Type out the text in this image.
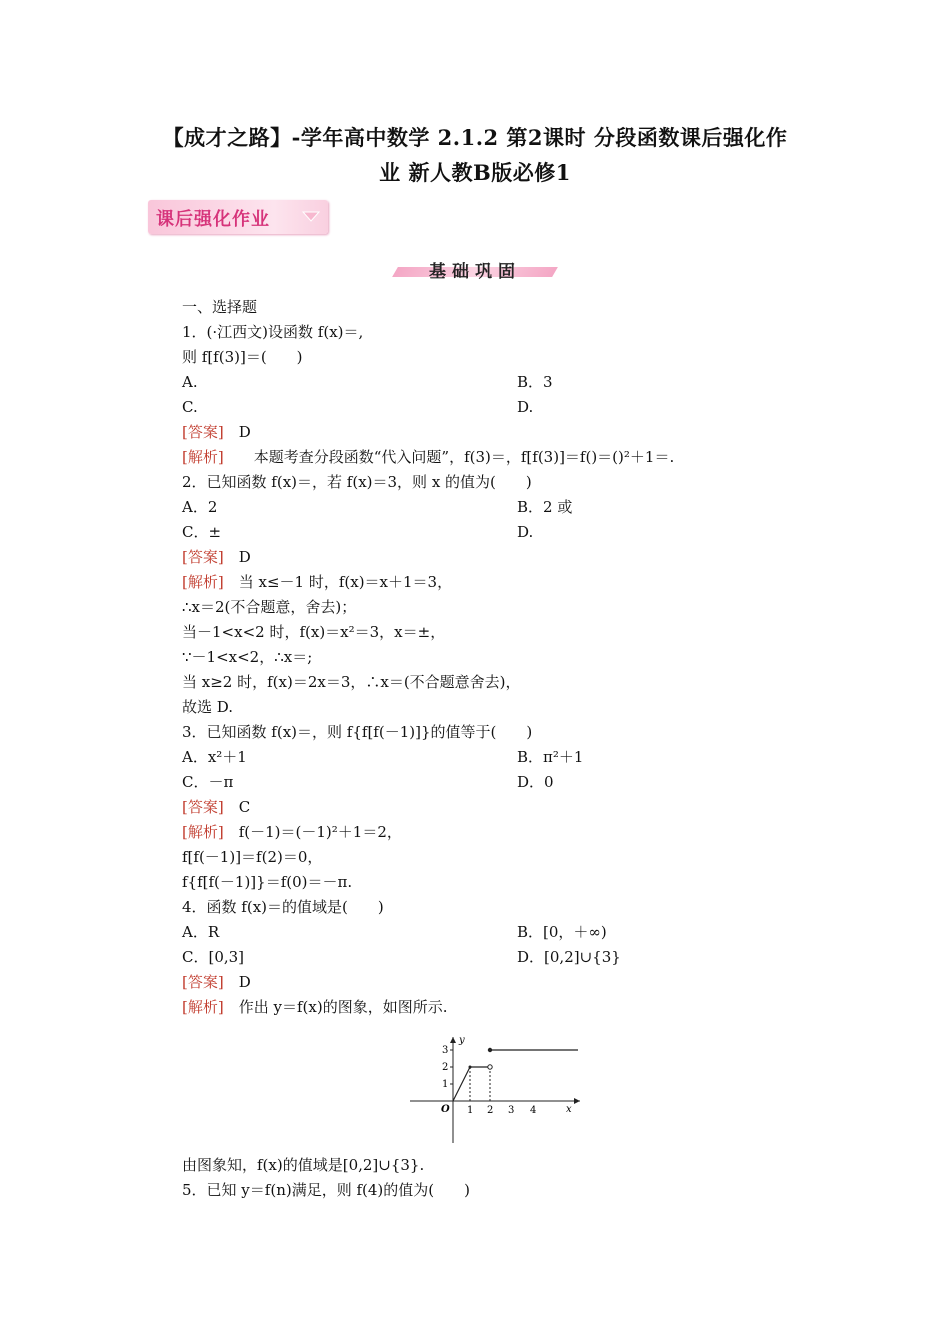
【成才之路】-学年高中数学 2.1.2 第2课时 分段函数课后强化作
业 新人教B版必修1
课后强化作业
基础巩固
一、选择题
1．(·江西文)设函数 f(x)＝,
则 f[f(3)]＝(　　)
A.	B．3
C.	D.
[答案]　 D
[解析]　　 本题考查分段函数“代入问题”，f(3)＝，f[f(3)]＝f()＝()²＋1＝.
2．已知函数 f(x)＝，若 f(x)＝3，则 x 的值为(　　)
A．2	B．2 或
C．±	D.
[答案]　 D
[解析]　 当 x≤－1 时，f(x)＝x＋1＝3，
∴x＝2(不合题意，舍去)；
当－1<x<2 时，f(x)＝x²＝3，x＝±，
∵－1<x<2，∴x＝;
当 x≥2 时，f(x)＝2x＝3，∴x＝(不合题意舍去)，
故选 D.
3．已知函数 f(x)＝，则 f{f[f(－1)]}的值等于(　　)
A．x²＋1	B．π²＋1
C．－π	D．0
[答案]　 C
[解析]　 f(－1)＝(－1)²＋1＝2，
f[f(－1)]＝f(2)＝0，
f{f[f(－1)]}＝f(0)＝－π.
4．函数 f(x)＝的值域是(　　)
A．R	B．[0，＋∞)
C．[0,3]	D．[0,2]∪{3}
[答案]　 D
[解析]　 作出 y＝f(x)的图象，如图所示.
y
x
O
3
2
1
1 2 3 4
由图象知，f(x)的值域是[0,2]∪{3}.
5．已知 y＝f(n)满足，则 f(4)的值为(　　)
